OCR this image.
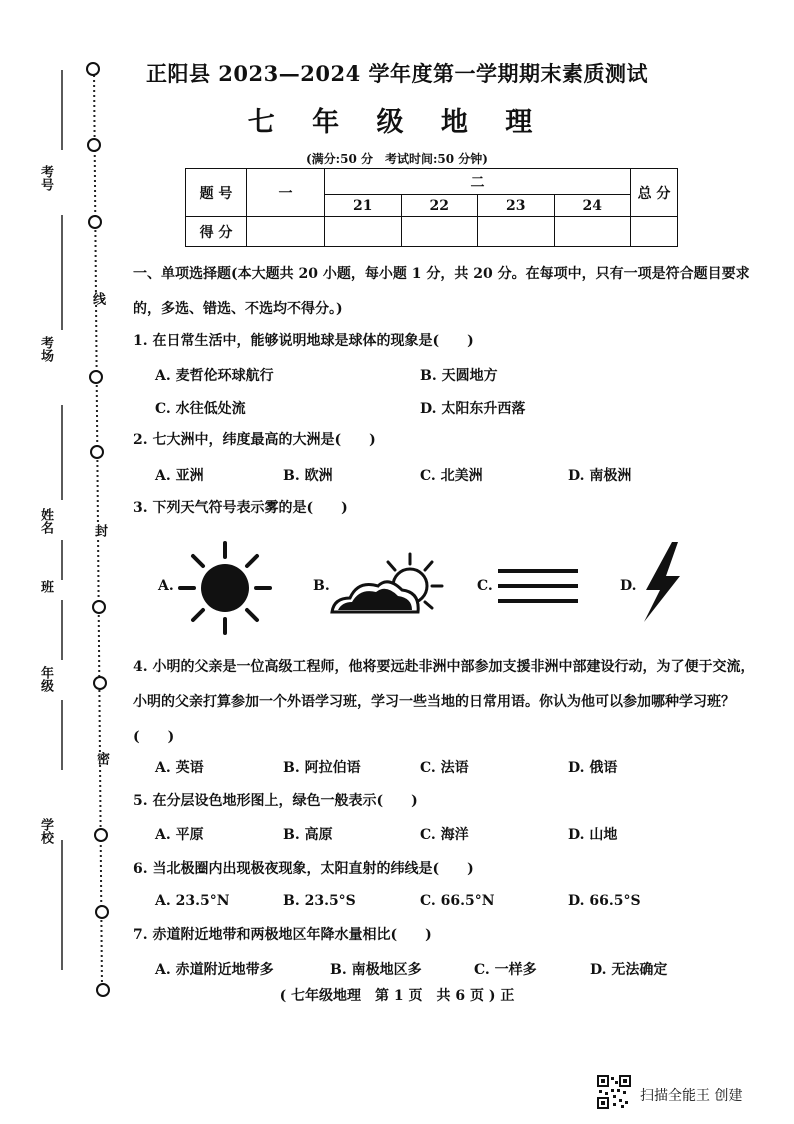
考号
考场
姓名
班
年级
学校
线
封
密
正阳县 2023—2024 学年度第一学期期末素质测试
七 年 级 地 理
(满分:50 分　考试时间:50 分钟)
题 号	一	二				总 分
		21	22	23	24	
得 分						
一、单项选择题(本大题共 20 小题，每小题 1 分，共 20 分。在每项中，只有一项是符合题目要求的，多选、错选、不选均不得分。)
1. 在日常生活中，能够说明地球是球体的现象是(　　)
A. 麦哲伦环球航行	B. 天圆地方
C. 水往低处流	D. 太阳东升西落
2. 七大洲中，纬度最高的大洲是(　　)
A. 亚洲	B. 欧洲	C. 北美洲	D. 南极洲
3. 下列天气符号表示雾的是(　　)
A.	B.	C.	D.
4. 小明的父亲是一位高级工程师，他将要远赴非洲中部参加支援非洲中部建设行动，为了便于交流，小明的父亲打算参加一个外语学习班，学习一些当地的日常用语。你认为他可以参加哪种学习班？(　　)
A. 英语	B. 阿拉伯语	C. 法语	D. 俄语
5. 在分层设色地形图上，绿色一般表示(　　)
A. 平原	B. 高原	C. 海洋	D. 山地
6. 当北极圈内出现极夜现象，太阳直射的纬线是(　　)
A. 23.5°N	B. 23.5°S	C. 66.5°N	D. 66.5°S
7. 赤道附近地带和两极地区年降水量相比(　　)
A. 赤道附近地带多	B. 南极地区多	C. 一样多	D. 无法确定
( 七年级地理　第 1 页　共 6 页 ) 正
扫描全能王 创建
